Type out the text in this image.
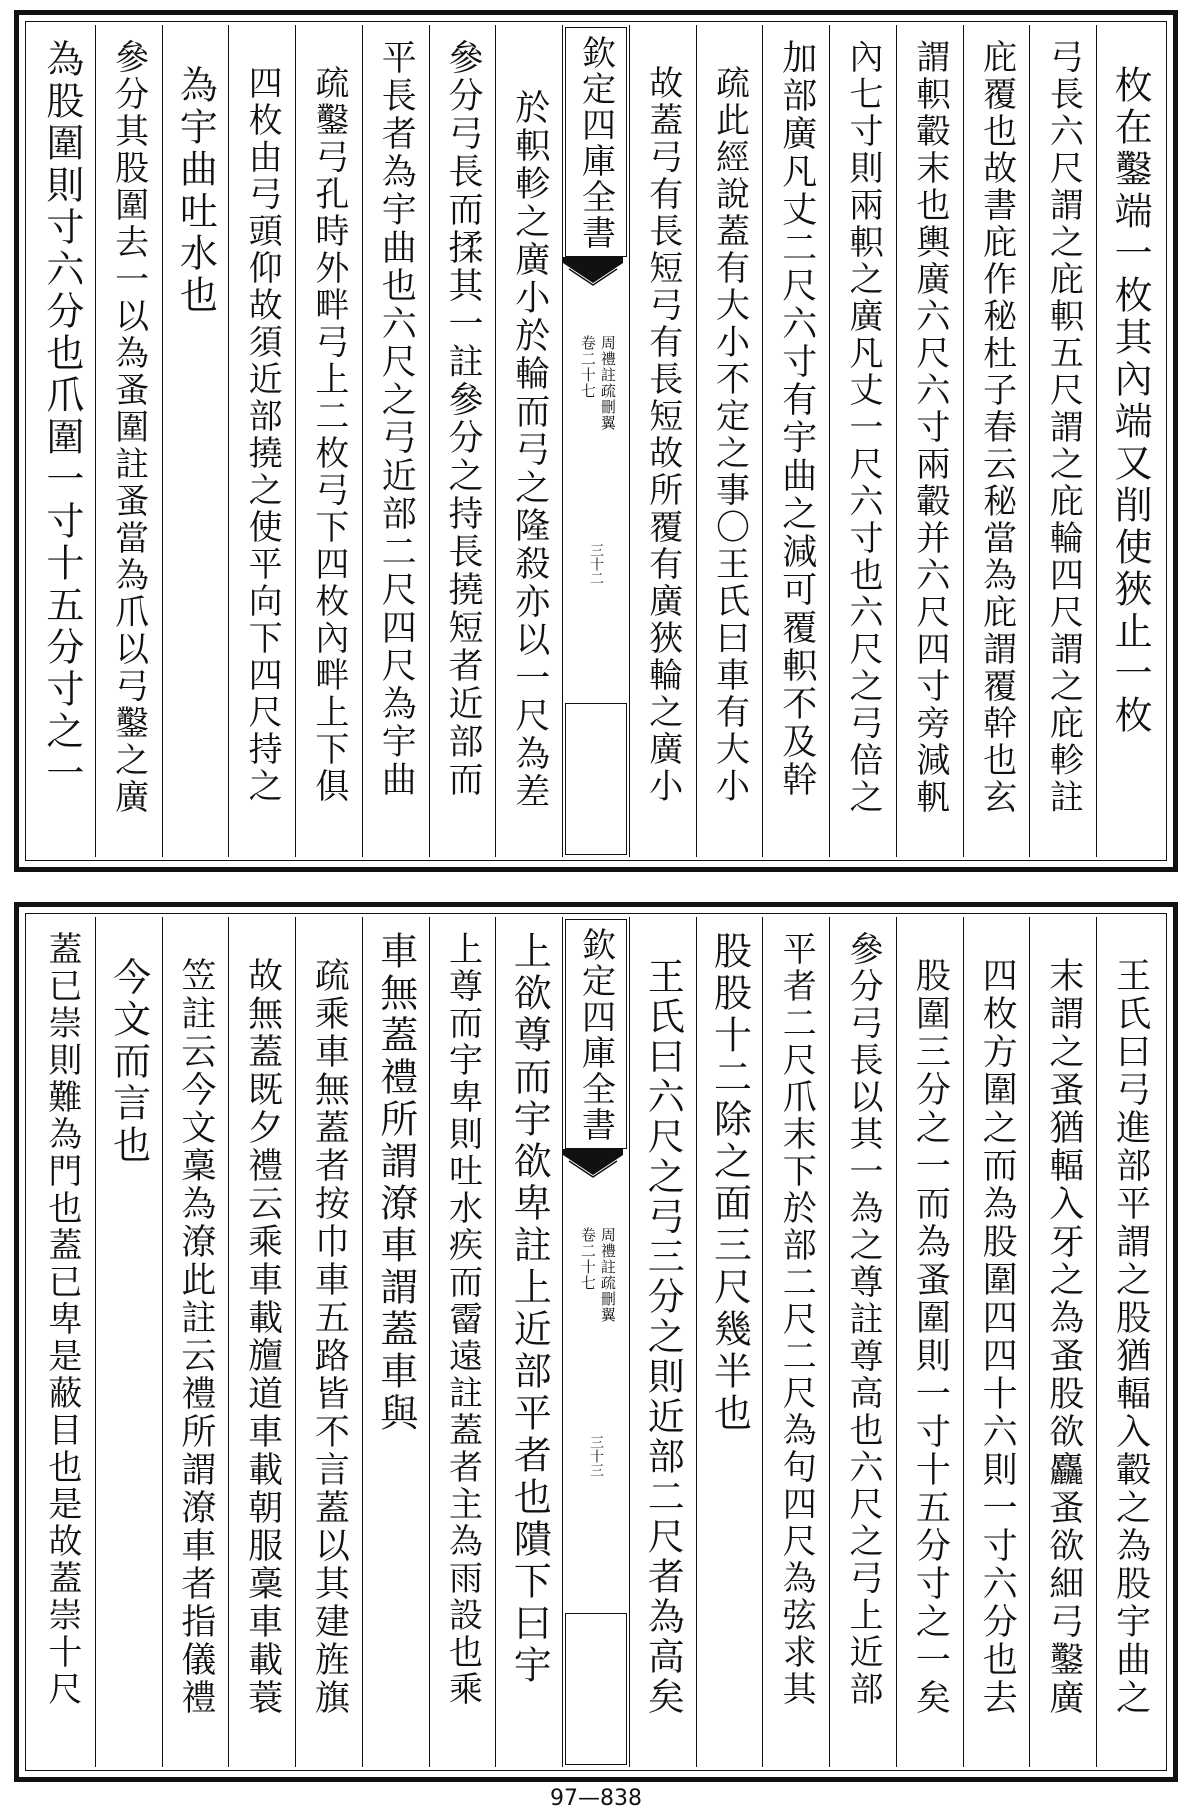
枚在鑿端一枚其內端又削使狹止一枚
弓長六尺謂之庇軹五尺謂之庇輪四尺謂之庇軫註
庇覆也故書庇作秘杜子春云秘當為庇謂覆幹也玄
謂軹轂末也輿廣六尺六寸兩轂并六尺四寸旁減軓
內七寸則兩軹之廣凡丈一尺六寸也六尺之弓倍之
加部廣凡丈二尺六寸有宇曲之減可覆軹不及幹
疏此經說蓋有大小不定之事〇王氏曰車有大小
故蓋弓有長短弓有長短故所覆有廣狹輪之廣小
欽定四庫全書
周禮註疏刪翼
卷二十七
三十二
於軹軫之廣小於輪而弓之隆殺亦以一尺為差
參分弓長而揉其一註參分之持長撓短者近部而
平長者為宇曲也六尺之弓近部二尺四尺為宇曲
疏鑿弓孔時外畔弓上二枚弓下四枚內畔上下俱
四枚由弓頭仰故須近部撓之使平向下四尺持之
為宇曲吐水也
參分其股圍去一以為蚤圍註蚤當為爪以弓鑿之廣
為股圍則寸六分也爪圍一寸十五分寸之一
王氏曰弓進部平謂之股猶輻入轂之為股宇曲之
末謂之蚤猶輻入牙之為蚤股欲麤蚤欲細弓鑿廣
四枚方圍之而為股圍四四十六則一寸六分也去
股圍三分之一而為蚤圍則一寸十五分寸之一矣
參分弓長以其一為之尊註尊高也六尺之弓上近部
平者二尺爪末下於部二尺二尺為句四尺為弦求其
股股十二除之面三尺幾半也
王氏曰六尺之弓三分之則近部二尺者為高矣
欽定四庫全書
周禮註疏刪翼
卷二十七
三十三
上欲尊而宇欲卑註上近部平者也隤下曰宇
上尊而宇卑則吐水疾而霤遠註蓋者主為雨設也乘
車無蓋禮所謂潦車謂蓋車與
疏乘車無蓋者按巾車五路皆不言蓋以其建旌旗
故無蓋既夕禮云乘車載旜道車載朝服稾車載蓑
笠註云今文稾為潦此註云禮所謂潦車者指儀禮
今文而言也
蓋已崇則難為門也蓋已卑是蔽目也是故蓋崇十尺
97—838
